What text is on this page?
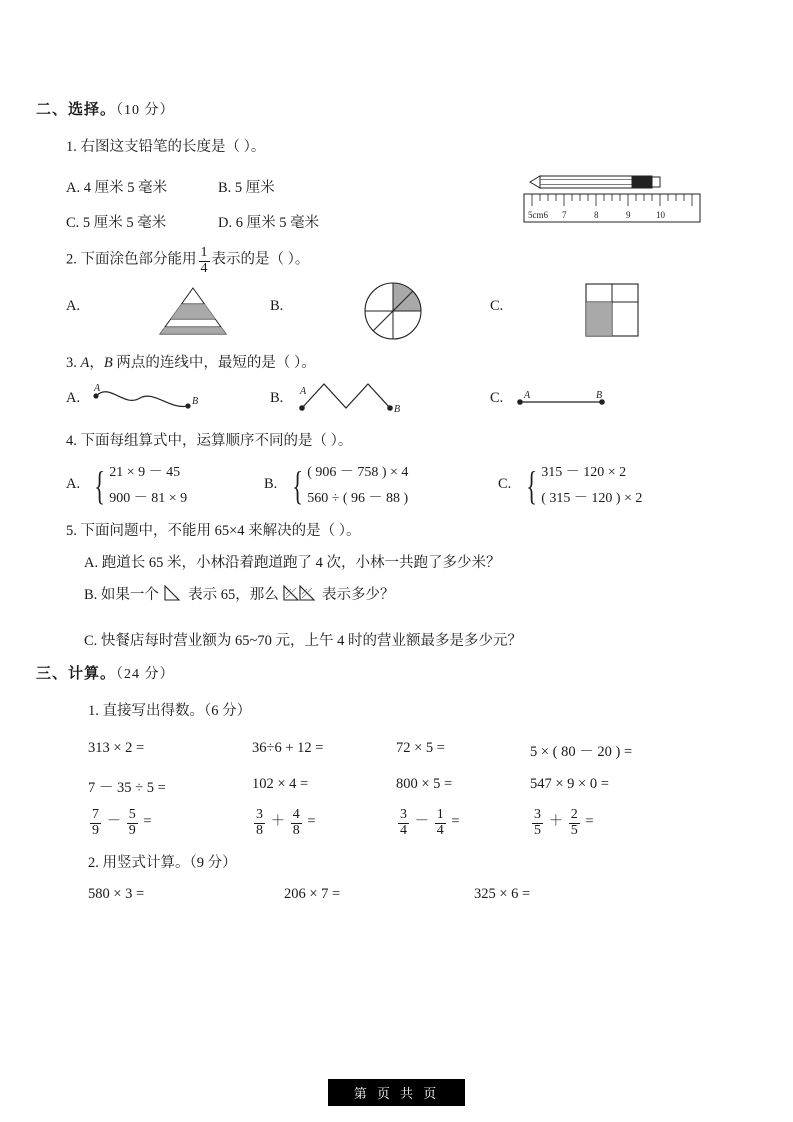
二、选择。（10 分）
1. 右图这支铅笔的长度是（ ）。
A. 4 厘米 5 毫米	B. 5 厘米
C. 5 厘米 5 毫米	D. 6 厘米 5 毫米	5cm6 7	8	9	10
2. 下面涂色部分能用 $\frac{1}{4}$ 表示的是（ ）。
A.	B.	C.
3. A，B 两点的连线中，最短的是（ ）。
A.	B.	C.
A
B
A
B
A	B
4. 下面每组算式中，运算顺序不同的是（ ）。
A. { 21 × 9 － 45
900 － 81 × 9
B. { ( 906 － 758 ) × 4
560 ÷ ( 96 － 88 )
C. { 315 － 120 × 2
( 315 － 120 ) × 2
5. 下面问题中，不能用 65×4 来解决的是（ ）。
A. 跑道长 65 米，小林沿着跑道跑了 4 次，小林一共跑了多少米？
B. 如果一个 表示 65，那么	表示多少？
C. 快餐店每时营业额为 65~70 元，上午 4 时的营业额最多是多少元？
三、计算。（24 分）
1. 直接写出得数。（6 分）
313 × 2 =	36÷6 + 12 =	72 × 5 =	5 × ( 80 － 20 ) =
7 － 35 ÷ 5 =	102 × 4 =	800 × 5 =	547 × 9 × 0 =
$\frac{7}{9} - \frac{5}{9}$ =	$\frac{3}{8} + \frac{4}{8}$ =	$\frac{3}{4} - \frac{1}{4}$ =	$\frac{3}{5} + \frac{2}{5}$ =
2. 用竖式计算。（9 分）
580 × 3 =	206 × 7 =	325 × 6 =
第 页 共 页
